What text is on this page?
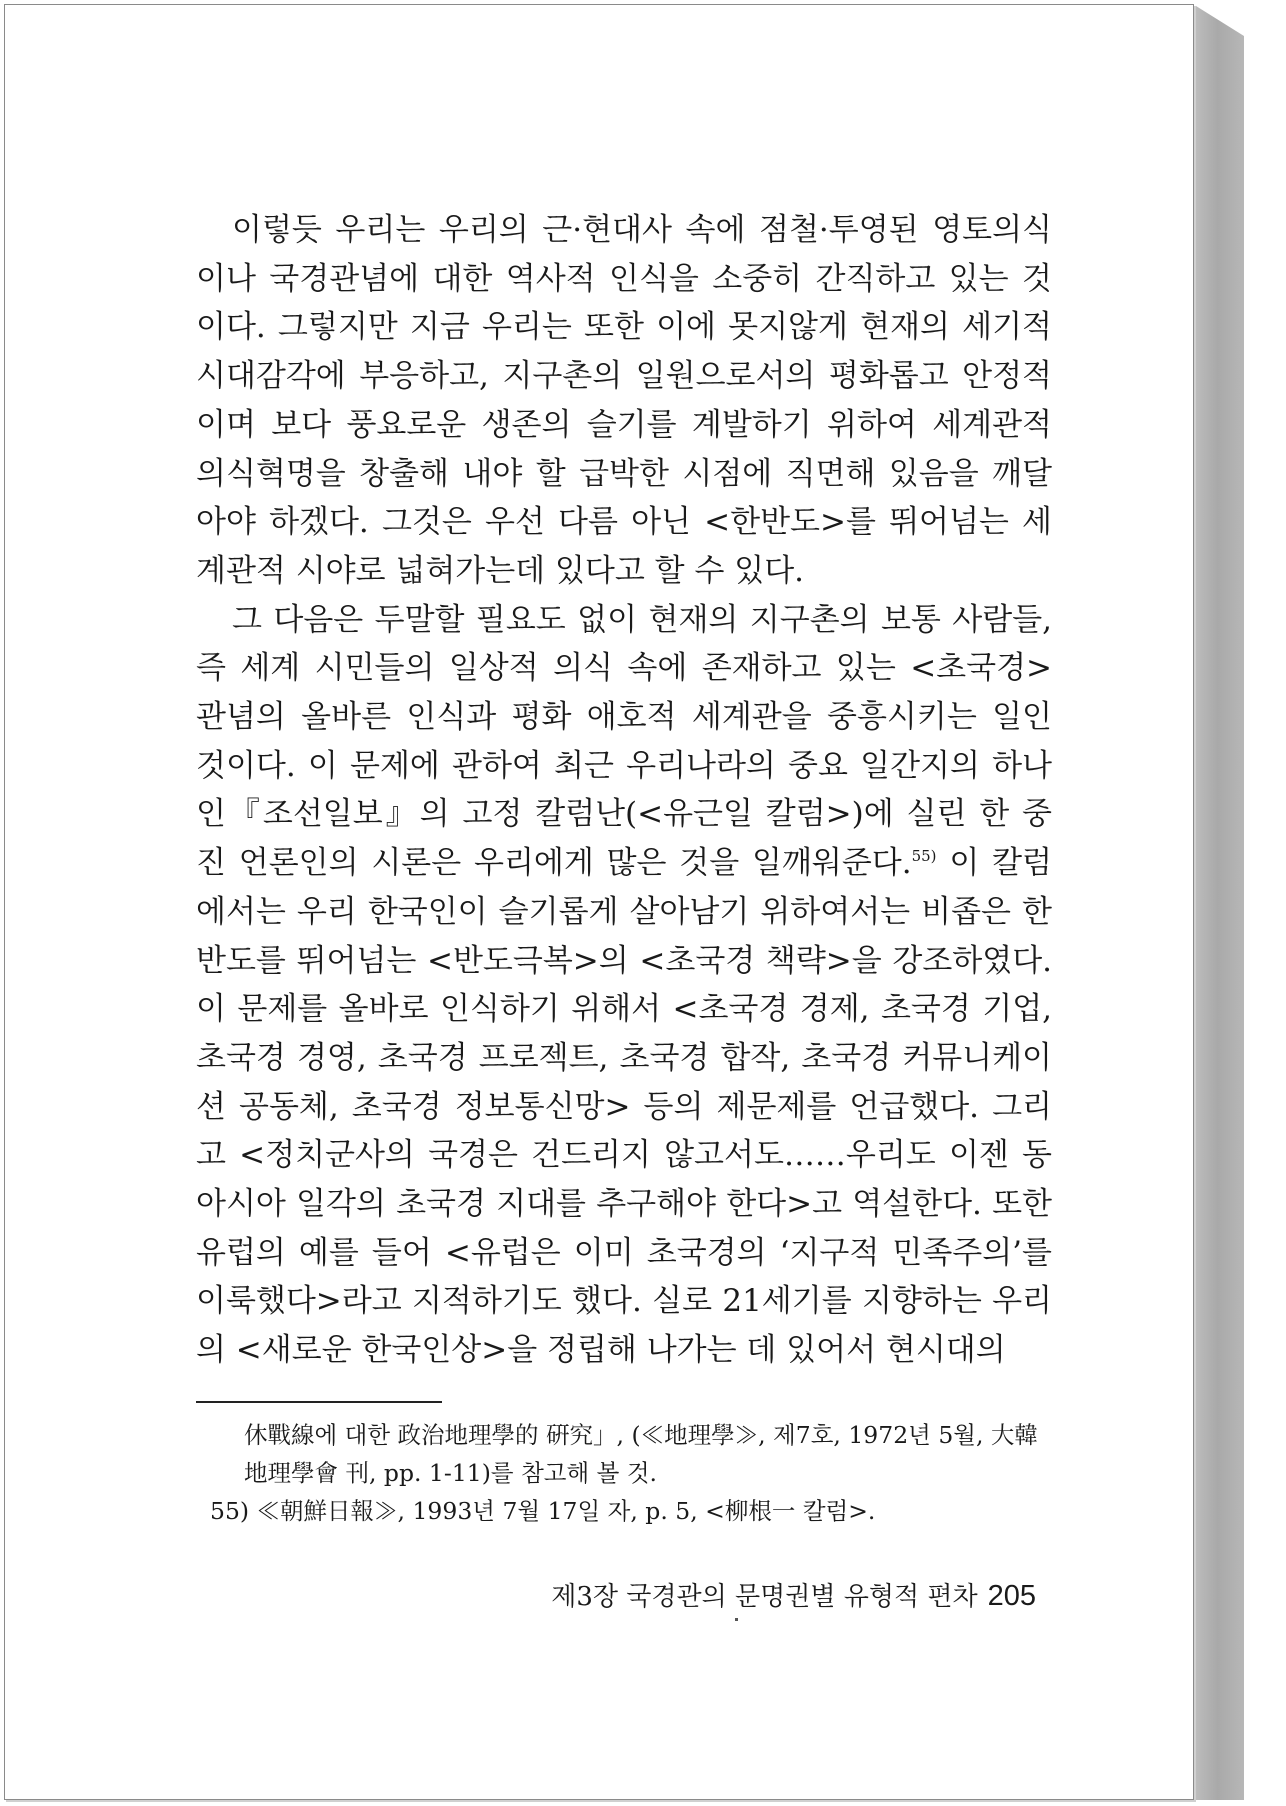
이렇듯 우리는 우리의 근·현대사 속에 점철·투영된 영토의식이나 국경관념에 대한 역사적 인식을 소중히 간직하고 있는 것이다. 그렇지만 지금 우리는 또한 이에 못지않게 현재의 세기적 시대감각에 부응하고, 지구촌의 일원으로서의 평화롭고 안정적이며 보다 풍요로운 생존의 슬기를 계발하기 위하여 세계관적 의식혁명을 창출해 내야 할 급박한 시점에 직면해 있음을 깨달아야 하겠다. 그것은 우선 다름 아닌 <한반도>를 뛰어넘는 세계관적 시야로 넓혀가는데 있다고 할 수 있다.

그 다음은 두말할 필요도 없이 현재의 지구촌의 보통 사람들, 즉 세계 시민들의 일상적 의식 속에 존재하고 있는 <초국경> 관념의 올바른 인식과 평화 애호적 세계관을 중흥시키는 일인 것이다. 이 문제에 관하여 최근 우리나라의 중요 일간지의 하나인『조선일보』의 고정 칼럼난(<유근일 칼럼>)에 실린 한 중진 언론인의 시론은 우리에게 많은 것을 일깨워준다.$^{55)}$ 이 칼럼에서는 우리 한국인이 슬기롭게 살아남기 위하여서는 비좁은 한반도를 뛰어넘는 <반도극복>의 <초국경 책략>을 강조하였다. 이 문제를 올바로 인식하기 위해서 <초국경 경제, 초국경 기업, 초국경 경영, 초국경 프로젝트, 초국경 합작, 초국경 커뮤니케이션 공동체, 초국경 정보통신망> 등의 제문제를 언급했다. 그리고 <정치군사의 국경은 건드리지 않고서도……우리도 이젠 동아시아 일각의 초국경 지대를 추구해야 한다>고 역설한다. 또한 유럽의 예를 들어 <유럽은 이미 초국경의 ‘지구적 민족주의’를 이룩했다>라고 지적하기도 했다. 실로 21세기를 지향하는 우리의 <새로운 한국인상>을 정립해 나가는 데 있어서 현시대의

休戰線에 대한 政治地理學的 硏究」, (≪地理學≫, 제7호, 1972년 5월, 大韓
地理學會 刊, pp. 1-11)를 참고해 볼 것.
55) ≪朝鮮日報≫, 1993년 7월 17일 자, p. 5, <柳根一 칼럼>.
제3장 국경관의 문명권별 유형적 편차 205
